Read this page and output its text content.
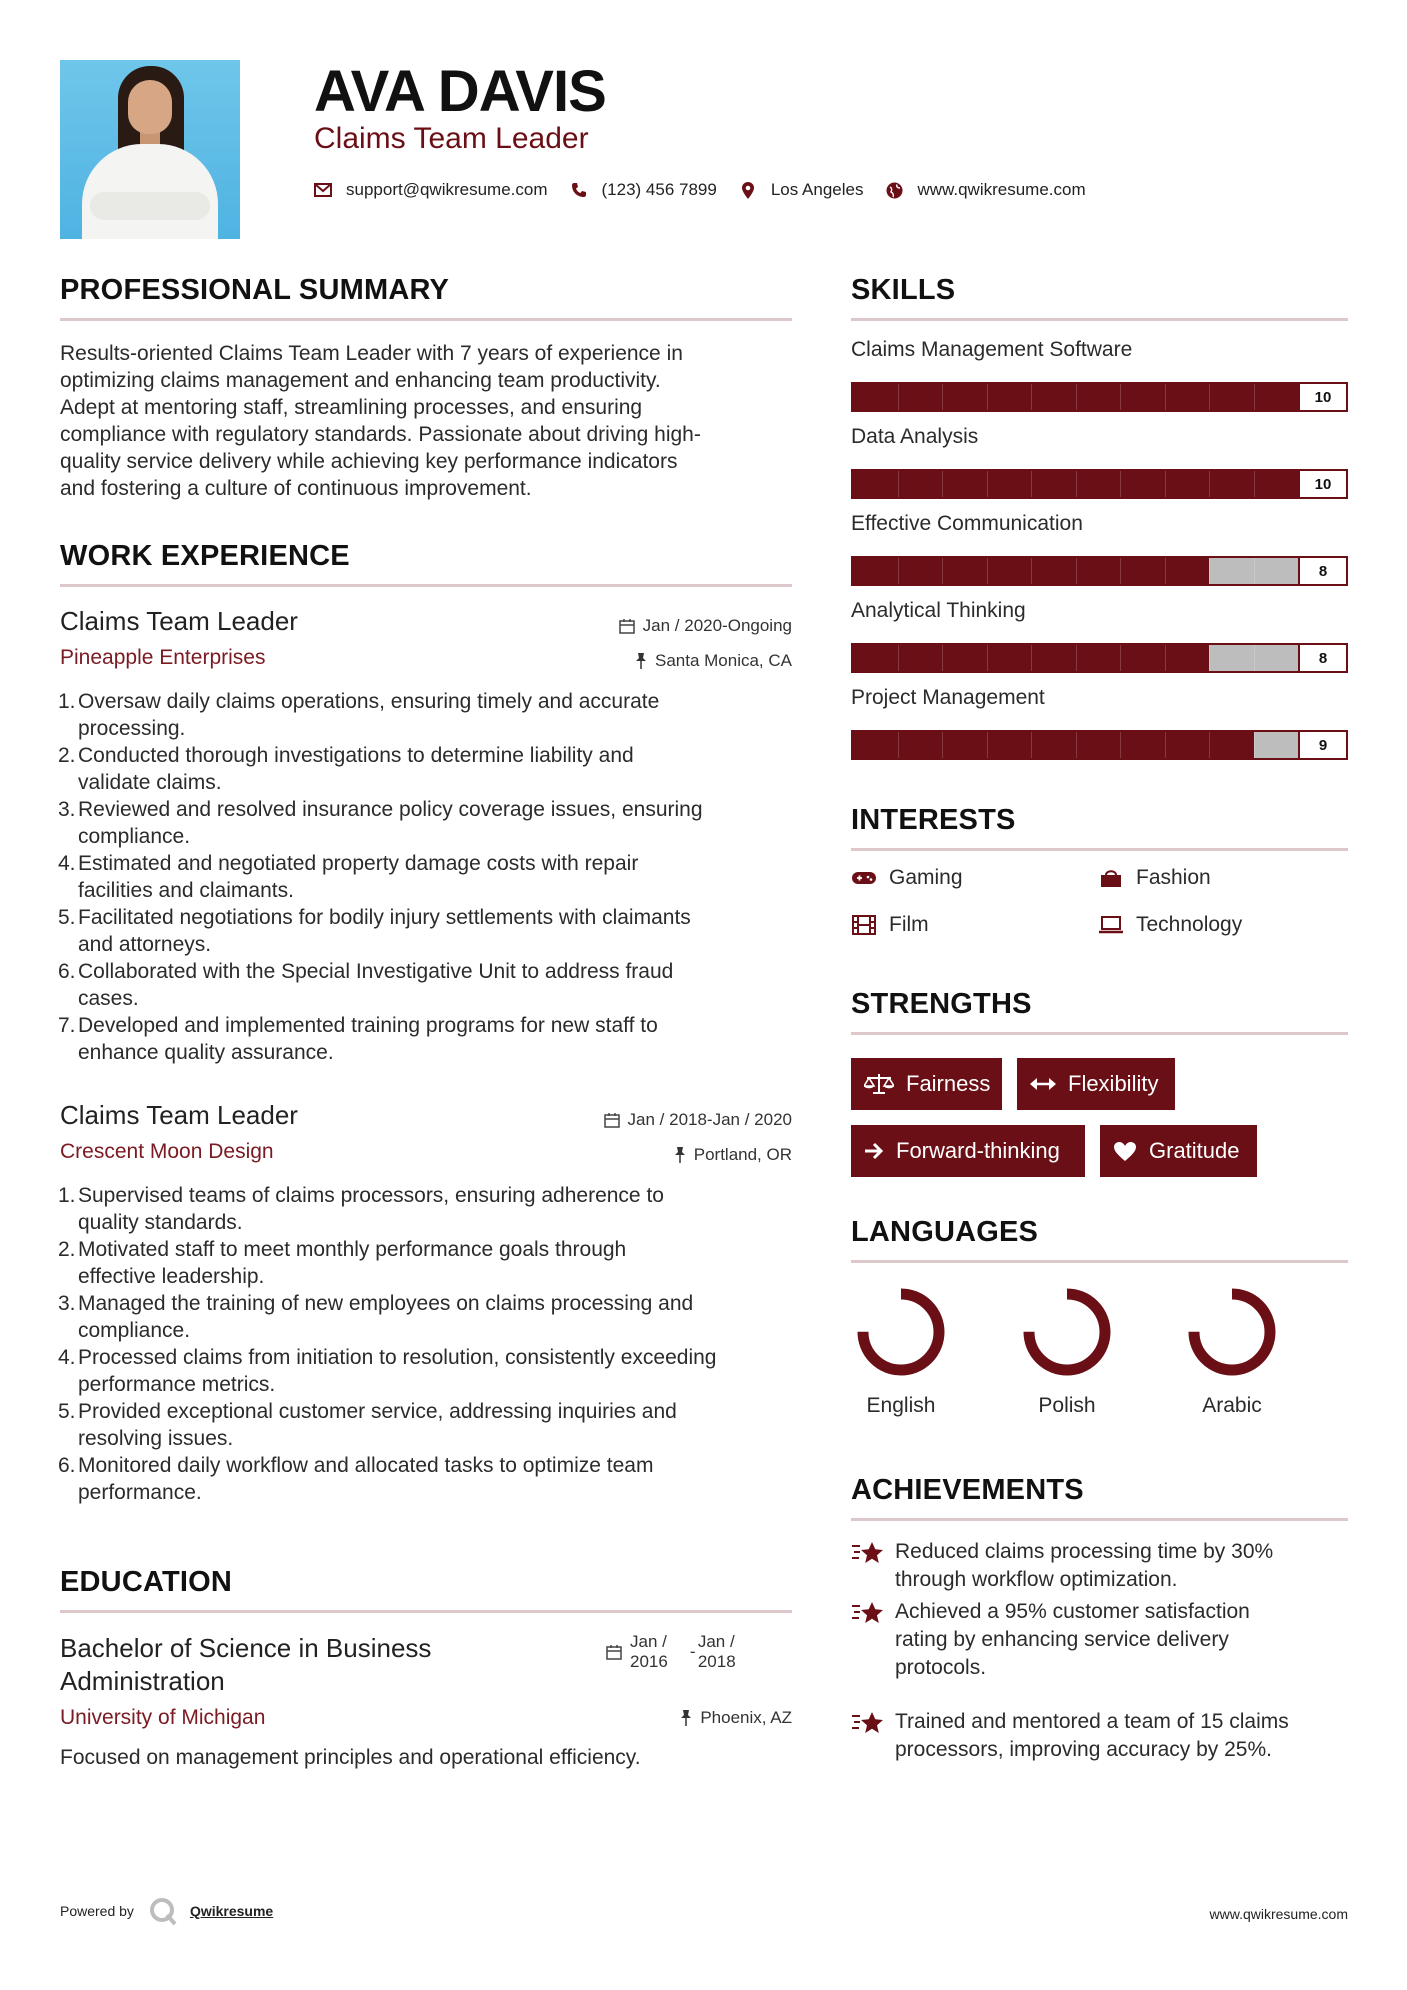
AVA DAVIS
Claims Team Leader
support@qwikresume.com	(123) 456 7899	Los Angeles	www.qwikresume.com
PROFESSIONAL SUMMARY
Results-oriented Claims Team Leader with 7 years of experience in
optimizing claims management and enhancing team productivity.
Adept at mentoring staff, streamlining processes, and ensuring
compliance with regulatory standards. Passionate about driving high-
quality service delivery while achieving key performance indicators
and fostering a culture of continuous improvement.
WORK EXPERIENCE
Claims Team Leader	Jan / 2020-Ongoing
Pineapple Enterprises	Santa Monica, CA
1. Oversaw daily claims operations, ensuring timely and accurate
processing.
2. Conducted thorough investigations to determine liability and
validate claims.
3. Reviewed and resolved insurance policy coverage issues, ensuring
compliance.
4. Estimated and negotiated property damage costs with repair
facilities and claimants.
5. Facilitated negotiations for bodily injury settlements with claimants
and attorneys.
6. Collaborated with the Special Investigative Unit to address fraud
cases.
7. Developed and implemented training programs for new staff to
enhance quality assurance.
Claims Team Leader	Jan / 2018-Jan / 2020
Crescent Moon Design	Portland, OR
1. Supervised teams of claims processors, ensuring adherence to
quality standards.
2. Motivated staff to meet monthly performance goals through
effective leadership.
3. Managed the training of new employees on claims processing and
compliance.
4. Processed claims from initiation to resolution, consistently exceeding
performance metrics.
5. Provided exceptional customer service, addressing inquiries and
resolving issues.
6. Monitored daily workflow and allocated tasks to optimize team
performance.
EDUCATION
Bachelor of Science in Business
Administration
Jan /
2016
-
Jan /
2018
University of Michigan	Phoenix, AZ
Focused on management principles and operational efficiency.
SKILLS
Claims Management Software
10
Data Analysis
10
Effective Communication
8
Analytical Thinking
8
Project Management
9
INTERESTS
Gaming	Fashion
Film	Technology
STRENGTHS
Fairness	Flexibility
Forward-thinking	Gratitude
LANGUAGES
English	Polish	Arabic
ACHIEVEMENTS
Reduced claims processing time by 30%
through workflow optimization.
Achieved a 95% customer satisfaction
rating by enhancing service delivery
protocols.
Trained and mentored a team of 15 claims
processors, improving accuracy by 25%.
Powered by	Qwikresume	www.qwikresume.com
